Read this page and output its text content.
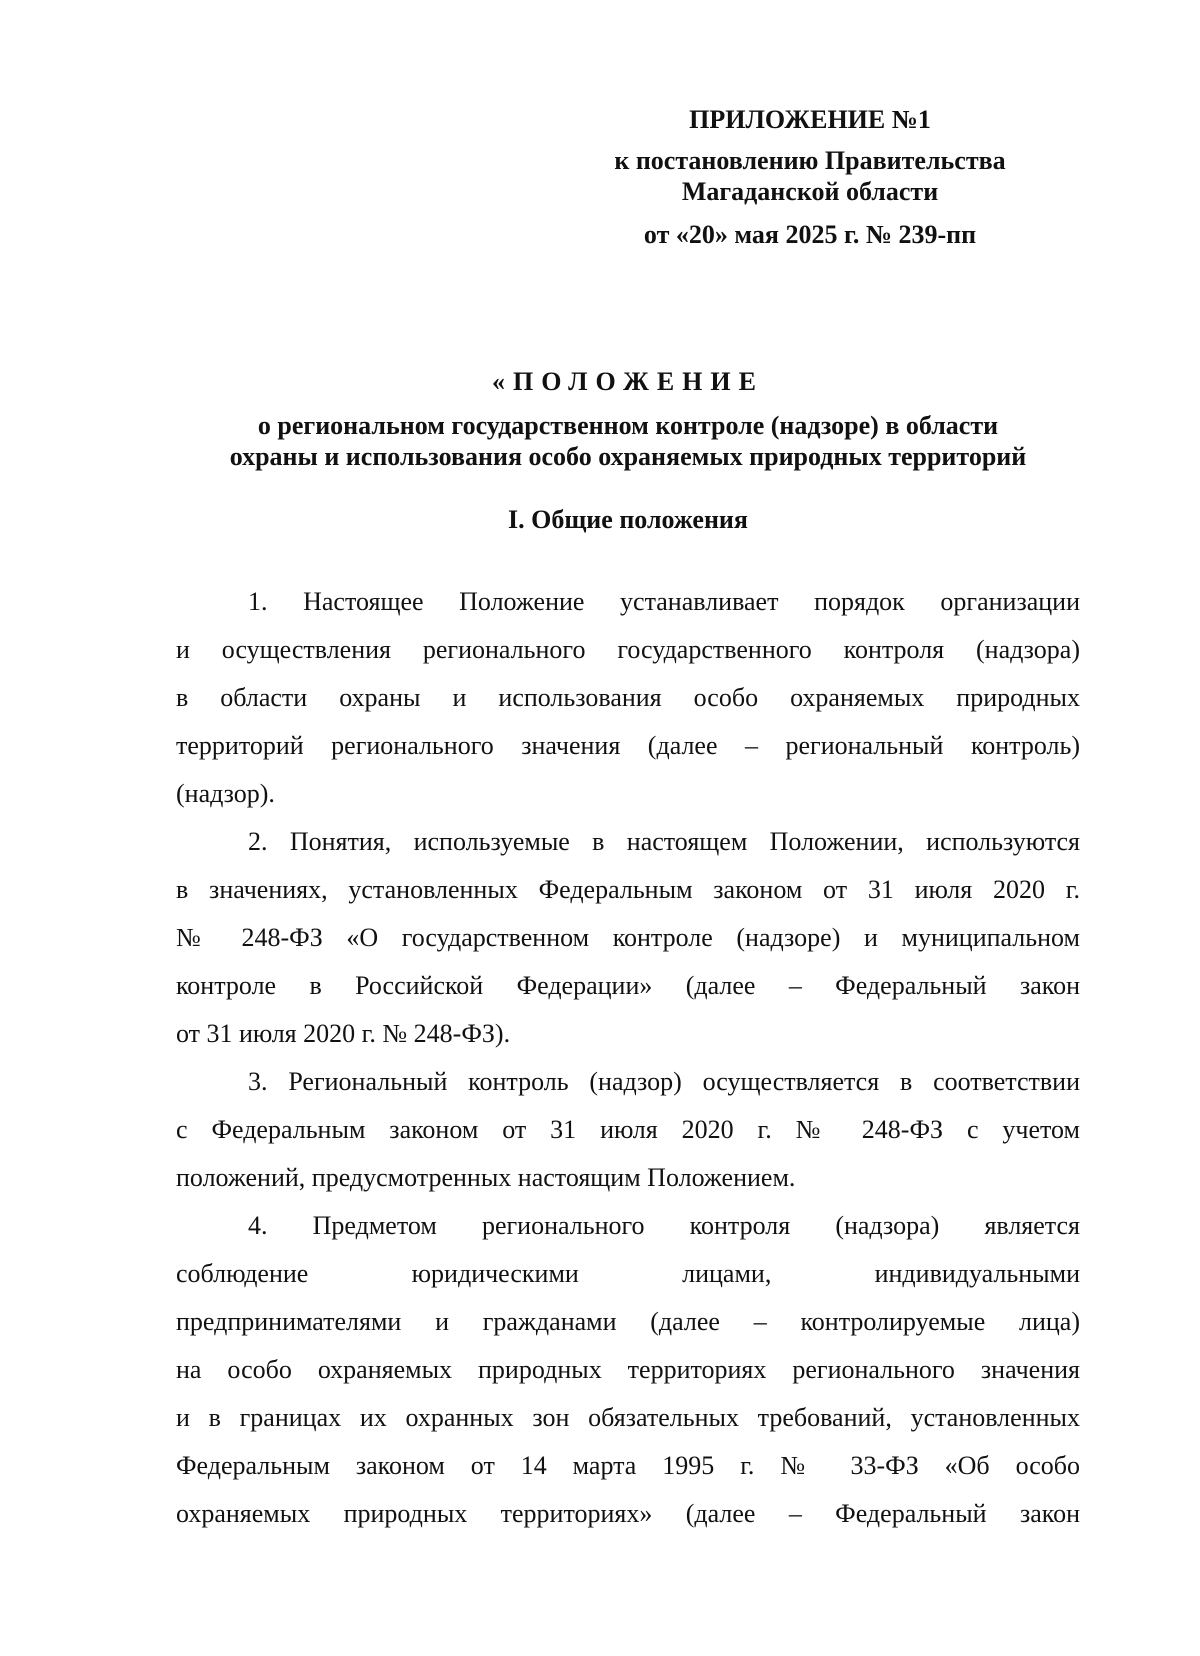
ПРИЛОЖЕНИЕ №1
к постановлению Правительства
Магаданской области
от «20» мая 2025 г. № 239-пп
«ПОЛОЖЕНИЕ
о региональном государственном контроле (надзоре) в области
охраны и использования особо охраняемых природных территорий
I. Общие положения
1. Настоящее Положение устанавливает порядок организации
и осуществления регионального государственного контроля (надзора)
в области охраны и использования особо охраняемых природных
территорий регионального значения (далее – региональный контроль)
(надзор).
2. Понятия, используемые в настоящем Положении, используются
в значениях, установленных Федеральным законом от 31 июля 2020 г.
№ 248-ФЗ «О государственном контроле (надзоре) и муниципальном
контроле в Российской Федерации» (далее – Федеральный закон
от 31 июля 2020 г. № 248-ФЗ).
3. Региональный контроль (надзор) осуществляется в соответствии
с Федеральным законом от 31 июля 2020 г. № 248-ФЗ с учетом
положений, предусмотренных настоящим Положением.
4. Предметом регионального контроля (надзора) является
соблюдение юридическими лицами, индивидуальными
предпринимателями и гражданами (далее – контролируемые лица)
на особо охраняемых природных территориях регионального значения
и в границах их охранных зон обязательных требований, установленных
Федеральным законом от 14 марта 1995 г. № 33-ФЗ «Об особо
охраняемых природных территориях» (далее – Федеральный закон
